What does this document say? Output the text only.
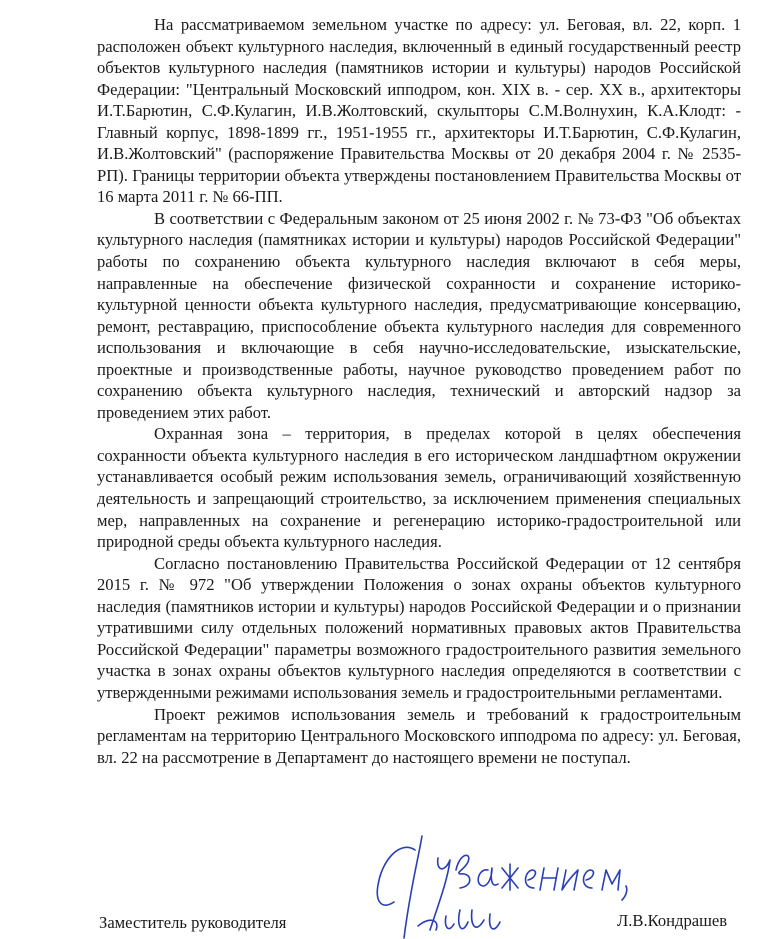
На рассматриваемом земельном участке по адресу: ул. Беговая, вл. 22, корп. 1 расположен объект культурного наследия, включенный в единый государственный реестр объектов культурного наследия (памятников истории и культуры) народов Российской Федерации: "Центральный Московский ипподром, кон. XIX в. - сер. XX в., архитекторы И.Т.Барютин, С.Ф.Кулагин, И.В.Жолтовский, скульпторы С.М.Волнухин, К.А.Клодт: - Главный корпус, 1898-1899 гг., 1951-1955 гг., архитекторы И.Т.Барютин, С.Ф.Кулагин, И.В.Жолтовский" (распоряжение Правительства Москвы от 20 декабря 2004 г. № 2535-РП). Границы территории объекта утверждены постановлением Правительства Москвы от 16 марта 2011 г. № 66-ПП.

В соответствии с Федеральным законом от 25 июня 2002 г. № 73-ФЗ "Об объектах культурного наследия (памятниках истории и культуры) народов Российской Федерации" работы по сохранению объекта культурного наследия включают в себя меры, направленные на обеспечение физической сохранности и сохранение историко-культурной ценности объекта культурного наследия, предусматривающие консервацию, ремонт, реставрацию, приспособление объекта культурного наследия для современного использования и включающие в себя научно-исследовательские, изыскательские, проектные и производственные работы, научное руководство проведением работ по сохранению объекта культурного наследия, технический и авторский надзор за проведением этих работ.

Охранная зона – территория, в пределах которой в целях обеспечения сохранности объекта культурного наследия в его историческом ландшафтном окружении устанавливается особый режим использования земель, ограничивающий хозяйственную деятельность и запрещающий строительство, за исключением применения специальных мер, направленных на сохранение и регенерацию историко-градостроительной или природной среды объекта культурного наследия.

Согласно постановлению Правительства Российской Федерации от 12 сентября 2015 г. № 972 "Об утверждении Положения о зонах охраны объектов культурного наследия (памятников истории и культуры) народов Российской Федерации и о признании утратившими силу отдельных положений нормативных правовых актов Правительства Российской Федерации" параметры возможного градостроительного развития земельного участка в зонах охраны объектов культурного наследия определяются в соответствии с утвержденными режимами использования земель и градостроительными регламентами.

Проект режимов использования земель и требований к градостроительным регламентам на территорию Центрального Московского ипподрома по адресу: ул. Беговая, вл. 22 на рассмотрение в Департамент до настоящего времени не поступал.

Заместитель руководителя	Л.В.Кондрашев
